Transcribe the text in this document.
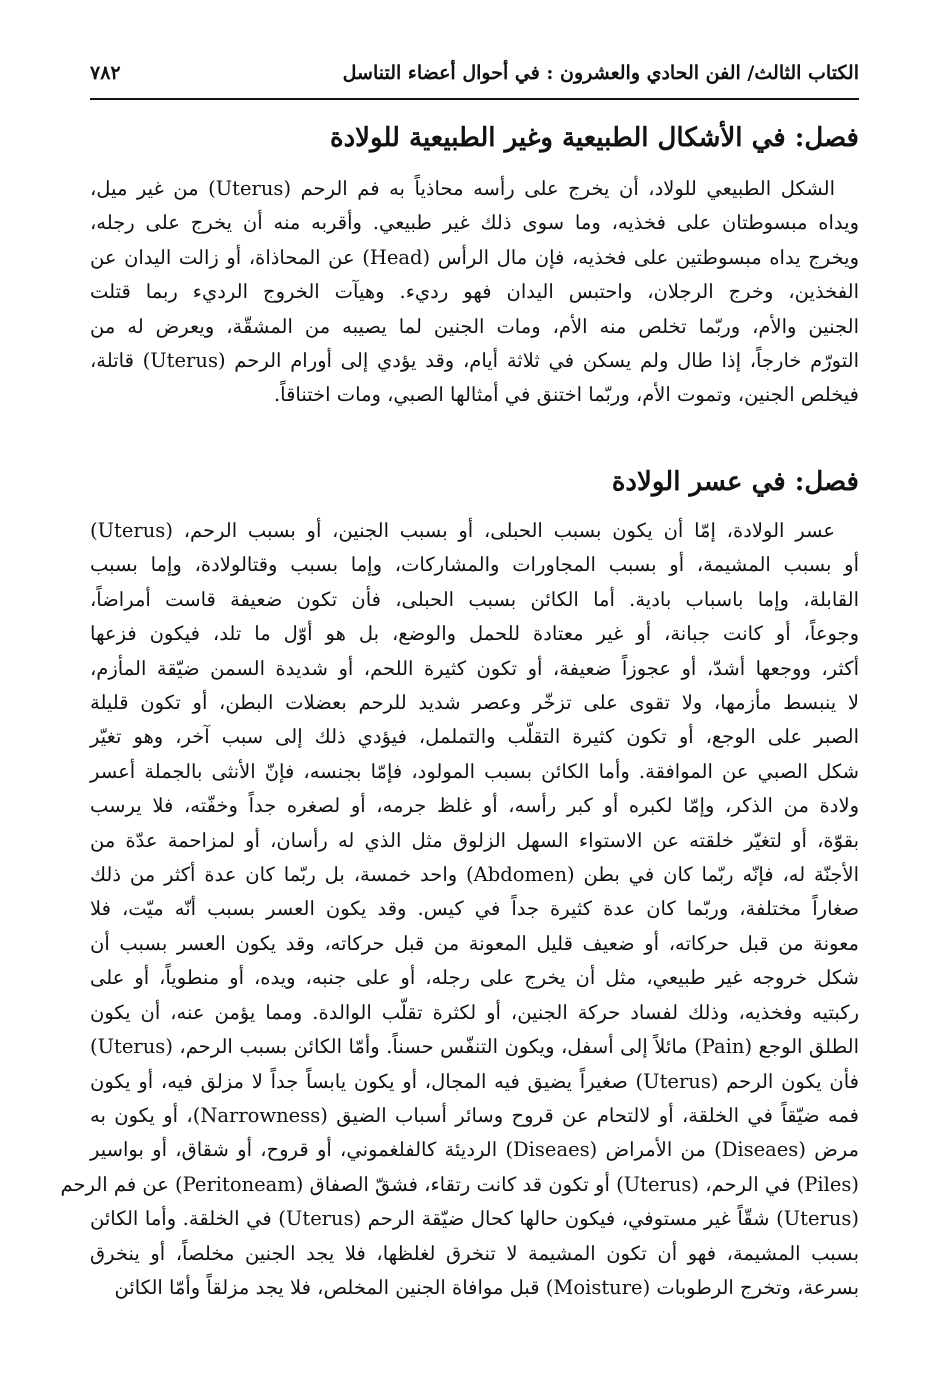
الكتاب الثالث/ الفن الحادي والعشرون : في أحوال أعضاء التناسل
٧٨٢
فصل: في الأشكال الطبيعية وغير الطبيعية للولادة
الشكل الطبيعي للولاد، أن يخرج على رأسه محاذياً به فم الرحم (Uterus) من غير ميل،
ويداه مبسوطتان على فخذيه، وما سوى ذلك غير طبيعي. وأقربه منه أن يخرج على رجله،
ويخرج يداه مبسوطتين على فخذيه، فإن مال الرأس (Head) عن المحاذاة، أو زالت اليدان عن
الفخذين، وخرج الرجلان، واحتبس اليدان فهو رديء. وهيآت الخروج الرديء ربما قتلت
الجنين والأم، وربّما تخلص منه الأم، ومات الجنين لما يصيبه من المشقّة، ويعرض له من
التورّم خارجاً، إذا طال ولم يسكن في ثلاثة أيام، وقد يؤدي إلى أورام الرحم (Uterus) قاتلة،
فيخلص الجنين، وتموت الأم، وربّما اختنق في أمثالها الصبي، ومات اختناقاً.
فصل: في عسر الولادة
عسر الولادة، إمّا أن يكون بسبب الحبلى، أو بسبب الجنين، أو بسبب الرحم، (Uterus)
أو بسبب المشيمة، أو بسبب المجاورات والمشاركات، وإما بسبب وقتالولادة، وإما بسبب
القابلة، وإما باسباب بادية. أما الكائن بسبب الحبلى، فأن تكون ضعيفة قاست أمراضاً،
وجوعاً، أو كانت جبانة، أو غير معتادة للحمل والوضع، بل هو أوّل ما تلد، فيكون فزعها
أكثر، ووجعها أشدّ، أو عجوزاً ضعيفة، أو تكون كثيرة اللحم، أو شديدة السمن ضيّقة المأزم،
لا ينبسط مأزمها، ولا تقوى على تزخّر وعصر شديد للرحم بعضلات البطن، أو تكون قليلة
الصبر على الوجع، أو تكون كثيرة التقلّب والتململ، فيؤدي ذلك إلى سبب آخر، وهو تغيّر
شكل الصبي عن الموافقة. وأما الكائن بسبب المولود، فإمّا بجنسه، فإنّ الأنثى بالجملة أعسر
ولادة من الذكر، وإمّا لكبره أو كبر رأسه، أو غلظ جرمه، أو لصغره جداً وخفّته، فلا يرسب
بقوّة، أو لتغيّر خلقته عن الاستواء السهل الزلوق مثل الذي له رأسان، أو لمزاحمة عدّة من
الأجنّة له، فإنّه ربّما كان في بطن (Abdomen) واحد خمسة، بل ربّما كان عدة أكثر من ذلك
صغاراً مختلفة، وربّما كان عدة كثيرة جداً في كيس. وقد يكون العسر بسبب أنّه ميّت، فلا
معونة من قبل حركاته، أو ضعيف قليل المعونة من قبل حركاته، وقد يكون العسر بسبب أن
شكل خروجه غير طبيعي، مثل أن يخرج على رجله، أو على جنبه، ويده، أو منطوياً، أو على
ركبتيه وفخذيه، وذلك لفساد حركة الجنين، أو لكثرة تقلّب الوالدة. ومما يؤمن عنه، أن يكون
الطلق الوجع (Pain) مائلاً إلى أسفل، ويكون التنفّس حسناً. وأمّا الكائن بسبب الرحم، (Uterus)
فأن يكون الرحم (Uterus) صغيراً يضيق فيه المجال، أو يكون يابساً جداً لا مزلق فيه، أو يكون
فمه ضيّقاً في الخلقة، أو لالتحام عن قروح وسائر أسباب الضيق (Narrowness)، أو يكون به
مرض (Diseaes) من الأمراض (Diseaes) الرديئة كالفلغموني، أو قروح، أو شقاق، أو بواسير
(Piles) في الرحم، (Uterus) أو تكون قد كانت رتقاء، فشقّ الصفاق (Peritoneam) عن فم الرحم
(Uterus) شقّاً غير مستوفي، فيكون حالها كحال ضيّقة الرحم (Uterus) في الخلقة. وأما الكائن
بسبب المشيمة، فهو أن تكون المشيمة لا تنخرق لغلظها، فلا يجد الجنين مخلصاً، أو ينخرق
بسرعة، وتخرج الرطوبات (Moisture) قبل موافاة الجنين المخلص، فلا يجد مزلقاً وأمّا الكائن
